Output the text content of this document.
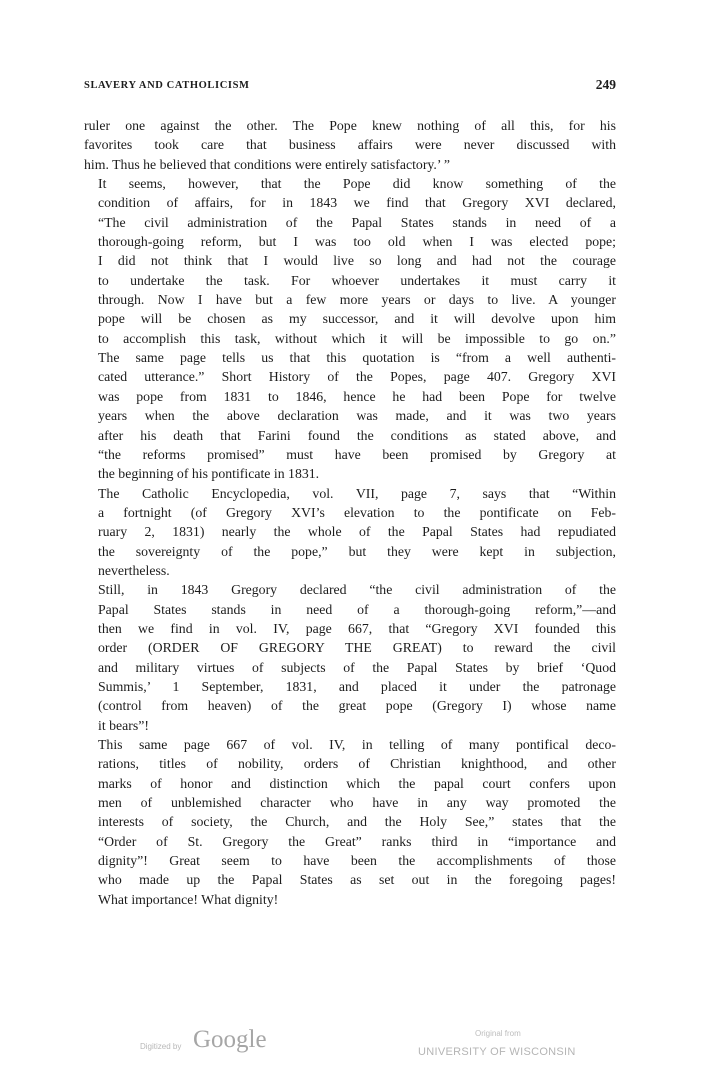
SLAVERY AND CATHOLICISM	249

ruler one against the other. The Pope knew nothing of all this, for his
favorites took care that business affairs were never discussed with
him. Thus he believed that conditions were entirely satisfactory.’ ”

It seems, however, that the Pope did know something of the
condition of affairs, for in 1843 we find that Gregory XVI declared,
“The civil administration of the Papal States stands in need of a
thorough-going reform, but I was too old when I was elected pope;
I did not think that I would live so long and had not the courage
to undertake the task. For whoever undertakes it must carry it
through. Now I have but a few more years or days to live. A younger
pope will be chosen as my successor, and it will devolve upon him
to accomplish this task, without which it will be impossible to go on.”
The same page tells us that this quotation is “from a well authenti-
cated utterance.” Short History of the Popes, page 407. Gregory XVI
was pope from 1831 to 1846, hence he had been Pope for twelve
years when the above declaration was made, and it was two years
after his death that Farini found the conditions as stated above, and
“the reforms promised” must have been promised by Gregory at
the beginning of his pontificate in 1831.

The Catholic Encyclopedia, vol. VII, page 7, says that “Within
a fortnight (of Gregory XVI’s elevation to the pontificate on Feb-
ruary 2, 1831) nearly the whole of the Papal States had repudiated
the sovereignty of the pope,” but they were kept in subjection,
nevertheless.

Still, in 1843 Gregory declared “the civil administration of the
Papal States stands in need of a thorough-going reform,”—and
then we find in vol. IV, page 667, that “Gregory XVI founded this
order (ORDER OF GREGORY THE GREAT) to reward the civil
and military virtues of subjects of the Papal States by brief ‘Quod
Summis,’ 1 September, 1831, and placed it under the patronage
(control from heaven) of the great pope (Gregory I) whose name
it bears”!

This same page 667 of vol. IV, in telling of many pontifical deco-
rations, titles of nobility, orders of Christian knighthood, and other
marks of honor and distinction which the papal court confers upon
men of unblemished character who have in any way promoted the
interests of society, the Church, and the Holy See,” states that the
“Order of St. Gregory the Great” ranks third in “importance and
dignity”! Great seem to have been the accomplishments of those
who made up the Papal States as set out in the foregoing pages!
What importance! What dignity!

Digitized by Google	Original from
UNIVERSITY OF WISCONSIN
